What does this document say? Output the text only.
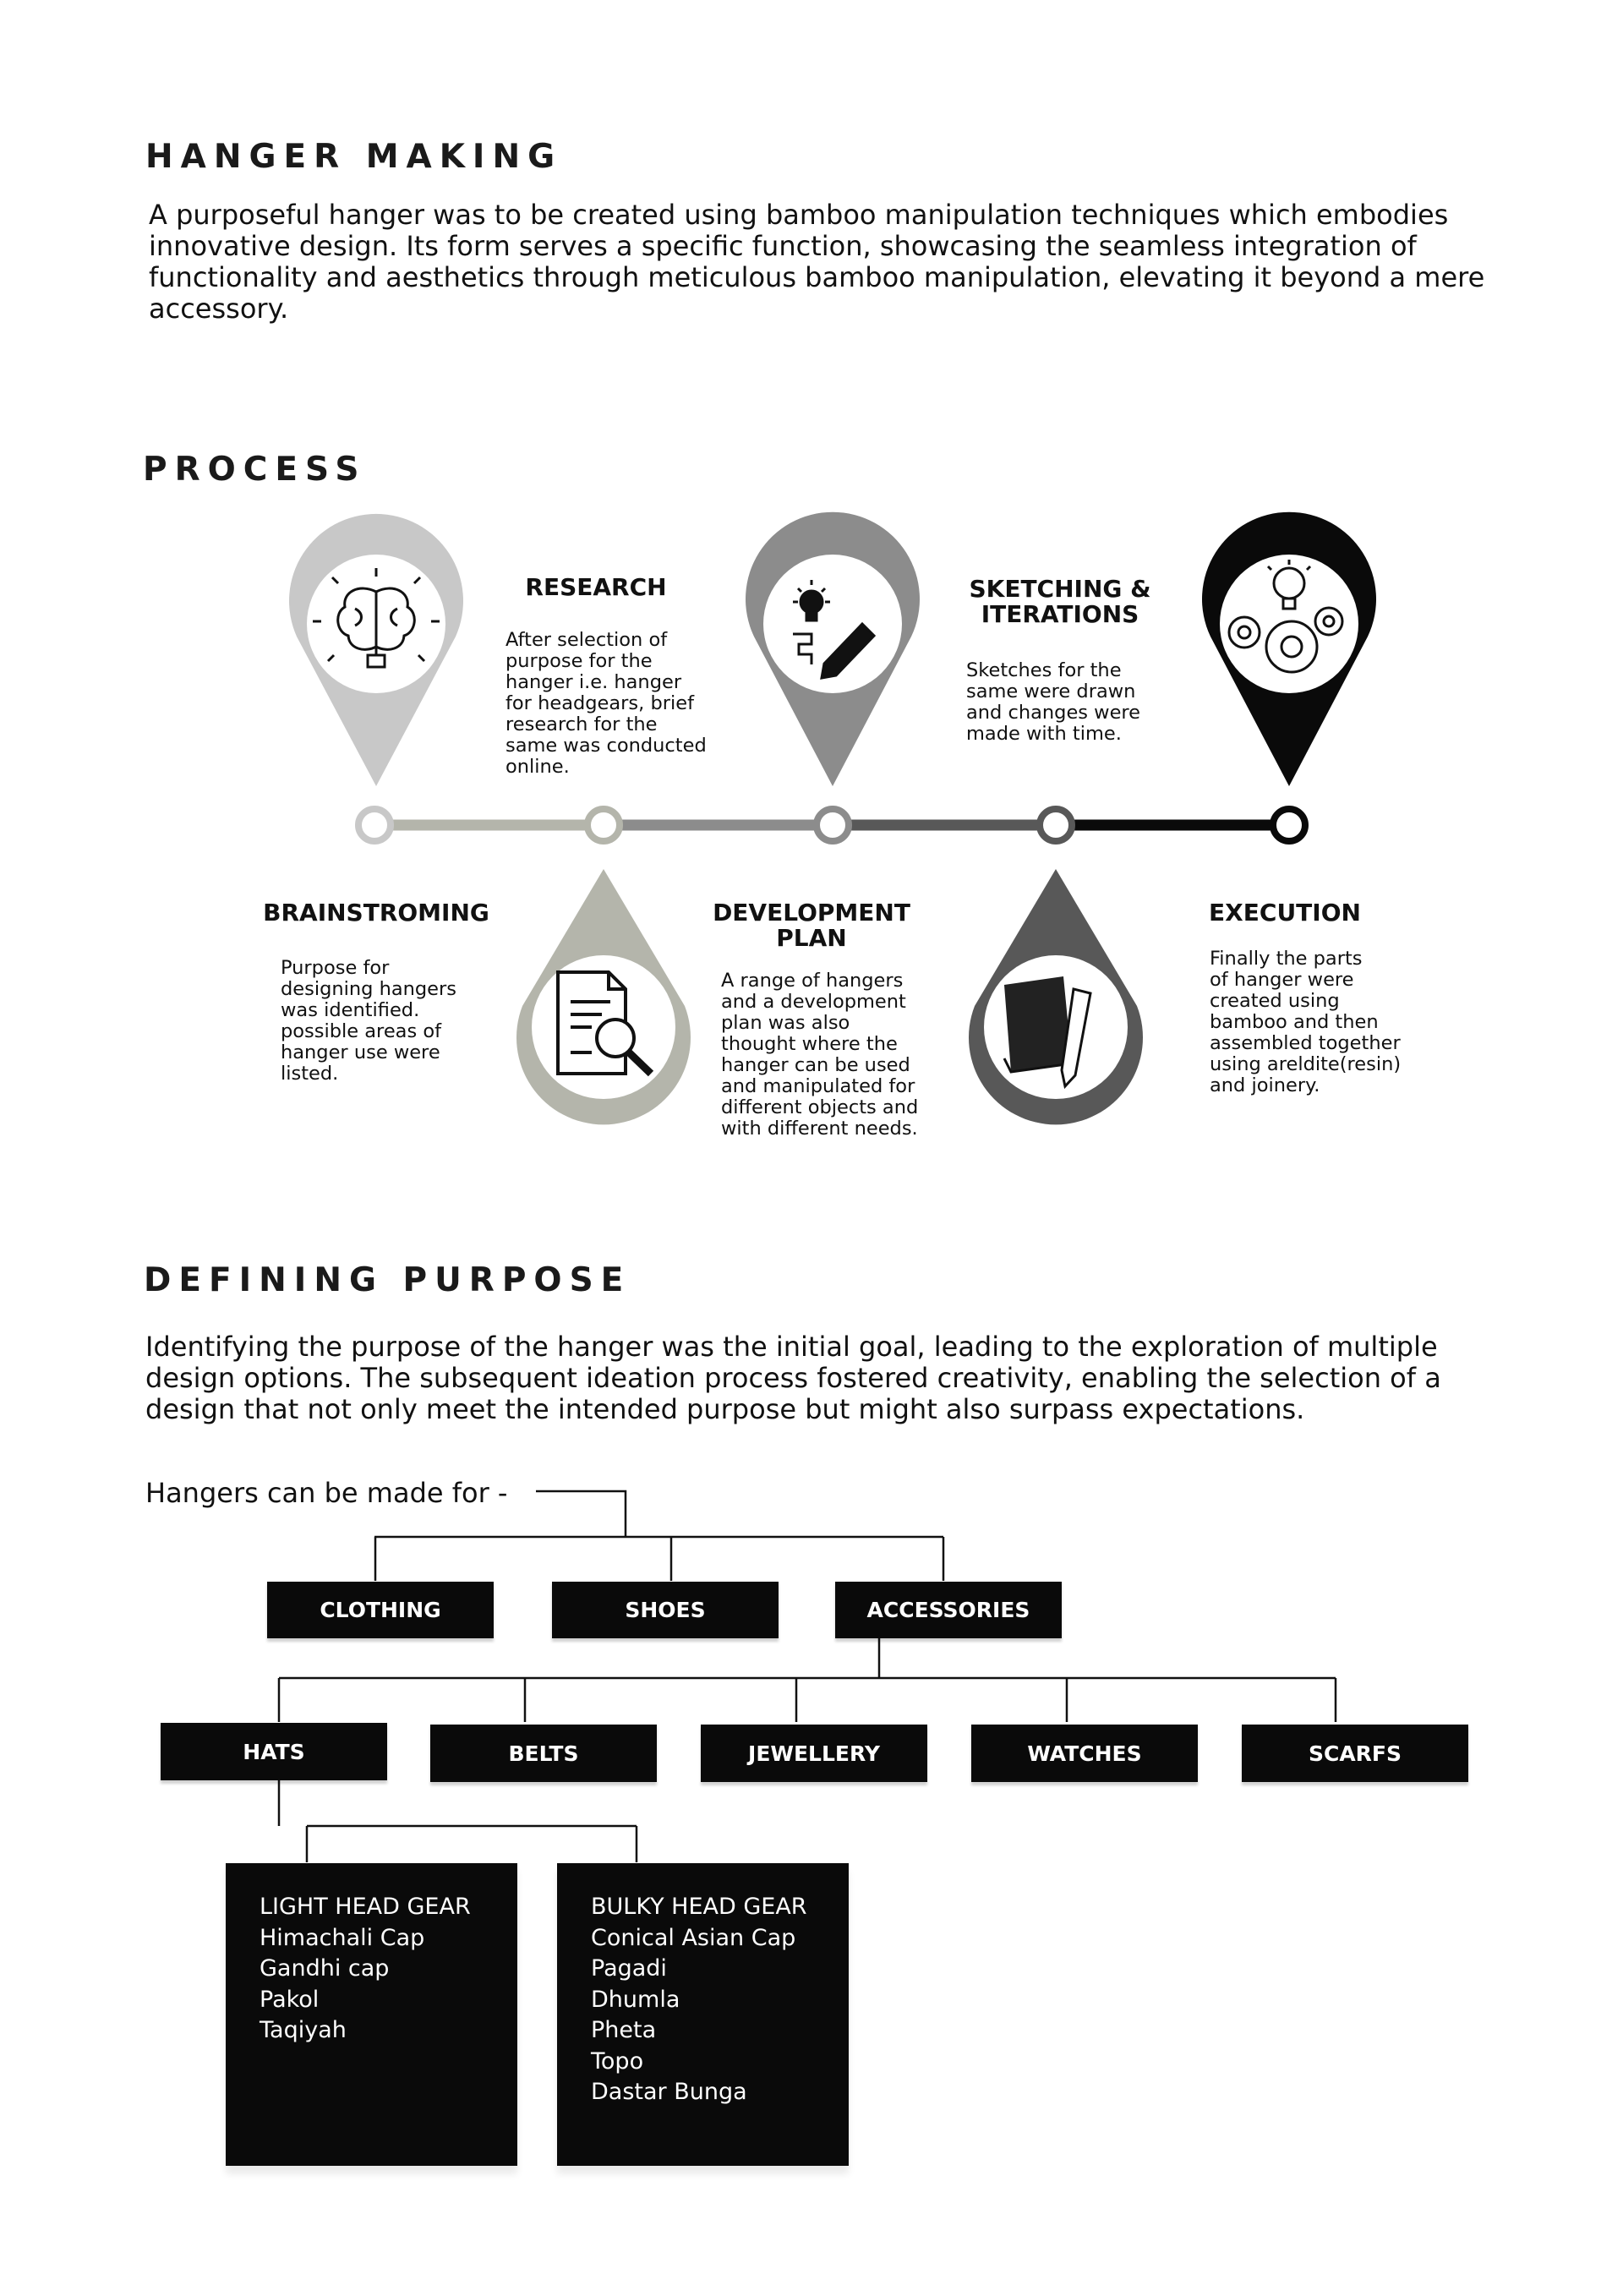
HANGER MAKING
A purposeful hanger was to be created using bamboo manipulation techniques which embodies innovative design. Its form serves a specific function, showcasing the seamless integration of functionality and aesthetics through meticulous bamboo manipulation, elevating it beyond a mere accessory.
PROCESS
BRAINSTROMING
Purpose for
designing hangers
was identified.
possible areas of
hanger use were
listed.
RESEARCH
After selection of
purpose for the
hanger i.e. hanger
for headgears, brief
research for the
same was conducted
online.
DEVELOPMENT
PLAN
A range of hangers
and a development
plan was also
thought where the
hanger can be used
and manipulated for
different objects and
with different needs.
SKETCHING &
ITERATIONS
Sketches for the
same were drawn
and changes were
made with time.
EXECUTION
Finally the parts
of hanger were
created using
bamboo and then
assembled together
using areldite(resin)
and joinery.
DEFINING PURPOSE
Identifying the purpose of the hanger was the initial goal, leading to the exploration of multiple design options. The subsequent ideation process fostered creativity, enabling the selection of a design that not only meet the intended purpose but might also surpass expectations.
Hangers can be made for -
CLOTHING	SHOES	ACCESSORIES
HATS	BELTS	JEWELLERY	WATCHES	SCARFS
LIGHT HEAD GEAR
Himachali Cap
Gandhi cap
Pakol
Taqiyah
BULKY HEAD GEAR
Conical Asian Cap
Pagadi
Dhumla
Pheta
Topo
Dastar Bunga
